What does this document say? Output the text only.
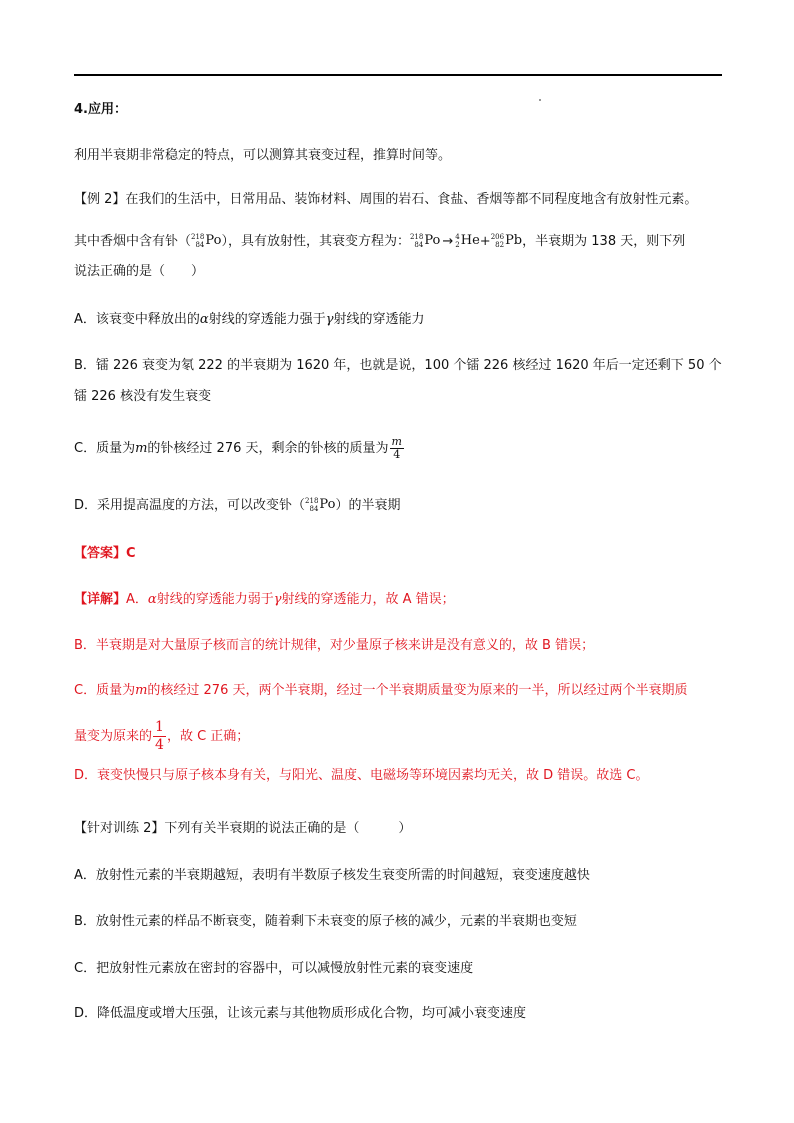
4.应用：
利用半衰期非常稳定的特点，可以测算其衰变过程，推算时间等。
【例 2】在我们的生活中，日常用品、装饰材料、周围的岩石、食盐、香烟等都不同程度地含有放射性元素。
其中香烟中含有钋（ 218
84 Po），具有放射性，其衰变方程为： 218
84 Po → 4
2 He+ 206
82 Pb，半衰期为 138 天，则下列
说法正确的是（　　）
A．该衰变中释放出的α射线的穿透能力强于γ射线的穿透能力
B．镭 226 衰变为氡 222 的半衰期为 1620 年，也就是说，100 个镭 226 核经过 1620 年后一定还剩下 50 个
镭 226 核没有发生衰变
C．质量为m的钋核经过 276 天，剩余的钋核的质量为 $\frac{m}{4}$
D．采用提高温度的方法，可以改变钋（ 218
84 Po）的半衰期
【答案】C
【详解】A．α射线的穿透能力弱于γ射线的穿透能力，故 A 错误；
B．半衰期是对大量原子核而言的统计规律，对少量原子核来讲是没有意义的，故 B 错误；
C．质量为m的核经过 276 天，两个半衰期，经过一个半衰期质量变为原来的一半，所以经过两个半衰期质
量变为原来的 $\frac{1}{4}$ ，故 C 正确；
D．衰变快慢只与原子核本身有关，与阳光、温度、电磁场等环境因素均无关，故 D 错误。故选 C。
【针对训练 2】下列有关半衰期的说法正确的是（　　　）
A．放射性元素的半衰期越短，表明有半数原子核发生衰变所需的时间越短，衰变速度越快
B．放射性元素的样品不断衰变，随着剩下未衰变的原子核的减少，元素的半衰期也变短
C．把放射性元素放在密封的容器中，可以减慢放射性元素的衰变速度
D．降低温度或增大压强，让该元素与其他物质形成化合物，均可减小衰变速度
